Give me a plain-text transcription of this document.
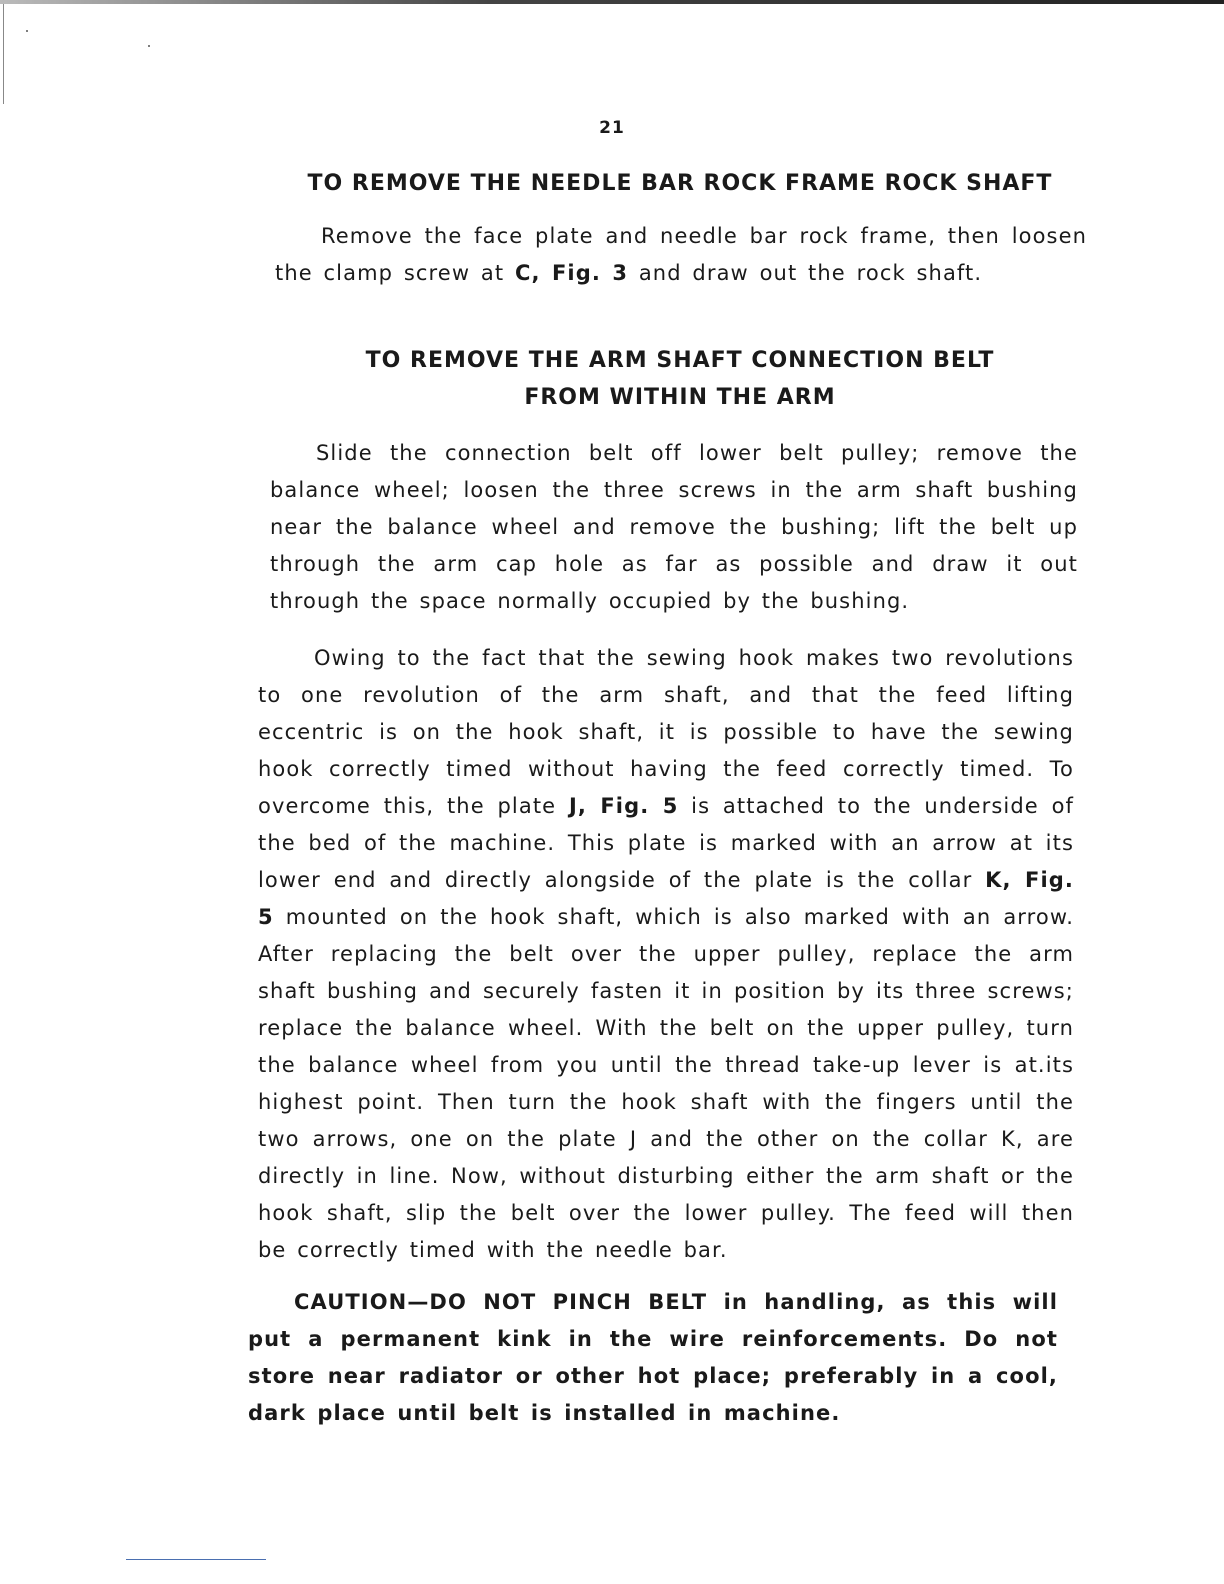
21
TO REMOVE THE NEEDLE BAR ROCK FRAME ROCK SHAFT

Remove the face plate and needle bar rock frame, then loosen the clamp screw at C, Fig. 3 and draw out the rock shaft.

TO REMOVE THE ARM SHAFT CONNECTION BELT
FROM WITHIN THE ARM

Slide the connection belt off lower belt pulley; remove the balance wheel; loosen the three screws in the arm shaft bushing near the balance wheel and remove the bushing; lift the belt up through the arm cap hole as far as possible and draw it out through the space normally occupied by the bushing.

Owing to the fact that the sewing hook makes two revolutions to one revolution of the arm shaft, and that the feed lifting eccentric is on the hook shaft, it is possible to have the sewing hook correctly timed without having the feed correctly timed. To overcome this, the plate J, Fig. 5 is attached to the underside of the bed of the machine. This plate is marked with an arrow at its lower end and directly alongside of the plate is the collar K, Fig. 5 mounted on the hook shaft, which is also marked with an arrow. After replacing the belt over the upper pulley, replace the arm shaft bushing and securely fasten it in position by its three screws; replace the balance wheel. With the belt on the upper pulley, turn the balance wheel from you until the thread take-up lever is at.its highest point. Then turn the hook shaft with the fingers until the two arrows, one on the plate J and the other on the collar K, are directly in line. Now, without disturbing either the arm shaft or the hook shaft, slip the belt over the lower pulley. The feed will then be correctly timed with the needle bar.

CAUTION—DO NOT PINCH BELT in handling, as this will put a permanent kink in the wire reinforcements. Do not store near radiator or other hot place; preferably in a cool, dark place until belt is installed in machine.
